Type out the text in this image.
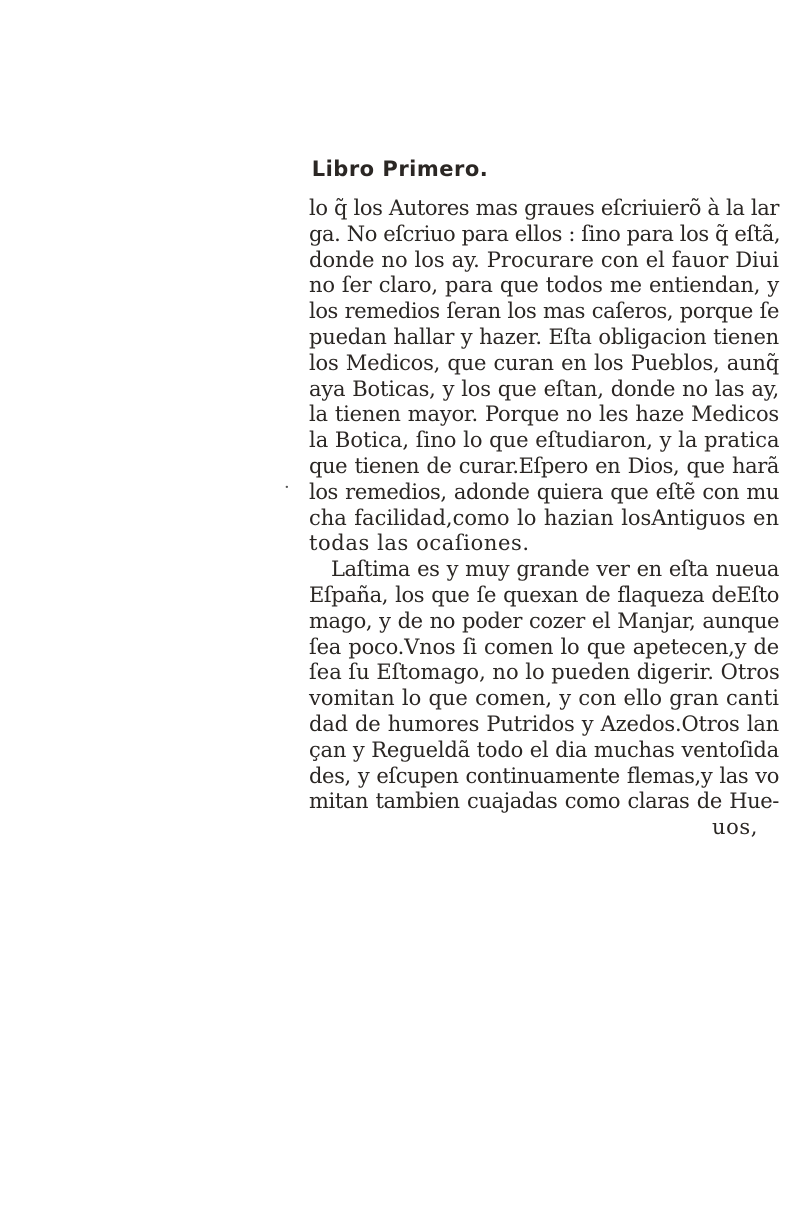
Libro Primero.
·
lo q̃ los Autores mas graues eſcriuierõ à la lar
ga. No eſcriuo para ellos : ſino para los q̃ eſtã,
donde no los ay. Procurare con el fauor Diui
no ſer claro, para que todos me entiendan, y
los remedios ſeran los mas caſeros, porque ſe
puedan hallar y hazer. Eſta obligacion tienen
los Medicos, que curan en los Pueblos, aunq̃
aya Boticas, y los que eſtan, donde no las ay,
la tienen mayor. Porque no les haze Medicos
la Botica, ſino lo que eſtudiaron, y la pratica
que tienen de curar.Eſpero en Dios, que harã
los remedios, adonde quiera que eſtẽ con mu
cha facilidad,como lo hazian losAntiguos en
todas las ocaſiones.
Laſtima es y muy grande ver en eſta nueua
Eſpaña, los que ſe quexan de flaqueza deEſto
mago, y de no poder cozer el Manjar, aunque
ſea poco.Vnos ſi comen lo que apetecen,y de
ſea ſu Eſtomago, no lo pueden digerir. Otros
vomitan lo que comen, y con ello gran canti
dad de humores Putridos y Azedos.Otros lan
çan y Regueldã todo el dia muchas ventoſida
des, y eſcupen continuamente flemas,y las vo
mitan tambien cuajadas como claras de Hue-
uos,
